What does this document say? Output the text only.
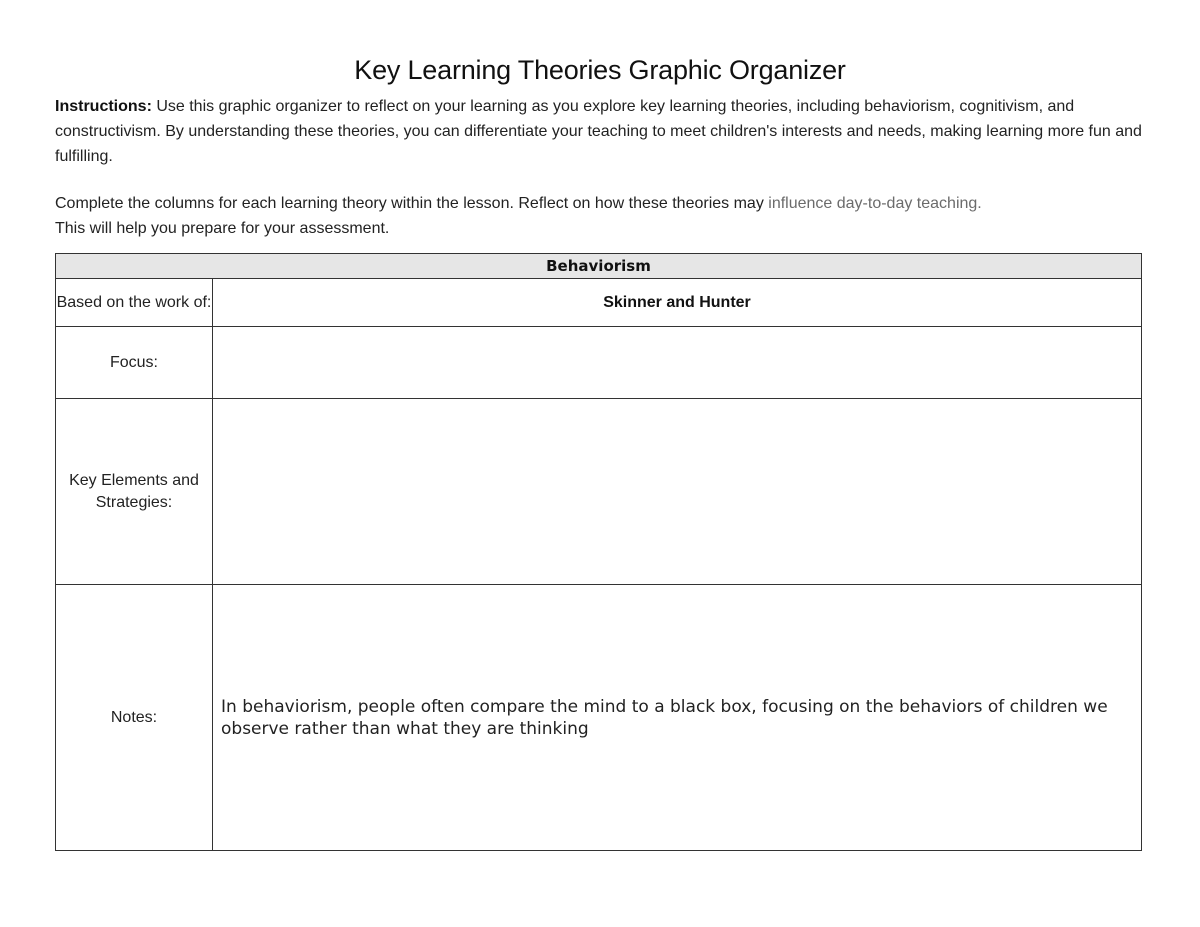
Key Learning Theories Graphic Organizer
Instructions: Use this graphic organizer to reflect on your learning as you explore key learning theories, including behaviorism, cognitivism, and constructivism. By understanding these theories, you can differentiate your teaching to meet children's interests and needs, making learning more fun and fulfilling.
Complete the columns for each learning theory within the lesson. Reflect on how these theories may influence day-to-day teaching.
This will help you prepare for your assessment.
Behaviorism	
Based on the work of:	Skinner and Hunter
Focus:	
Key Elements and Strategies:	
Notes:	In behaviorism, people often compare the mind to a black box, focusing on the behaviors of children we observe rather than what they are thinking
